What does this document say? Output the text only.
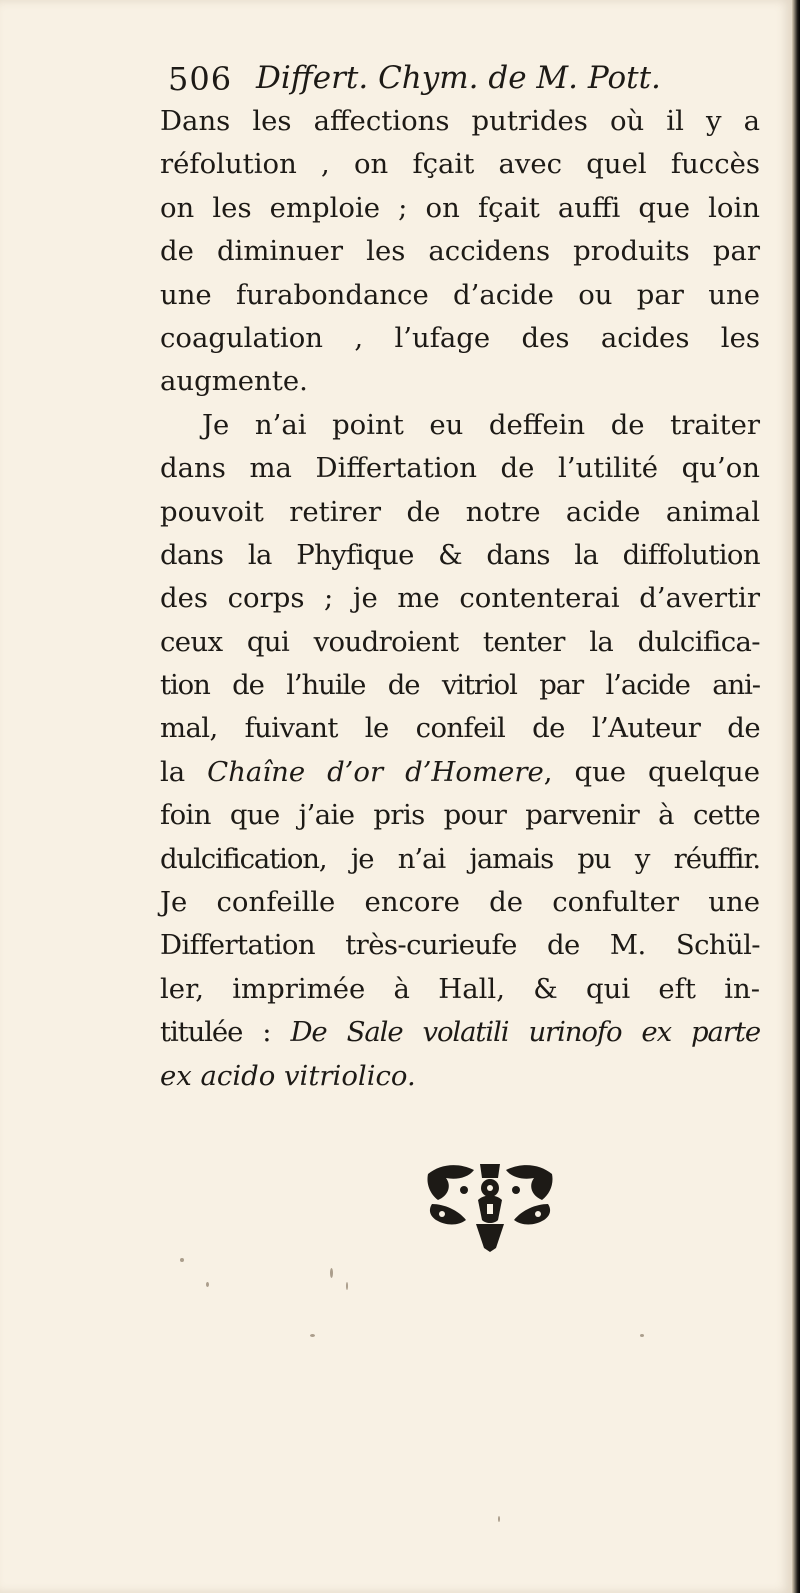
506 Differt. Chym. de M. Pott.
Dans les affections putrides où il y a
réfolution , on fçait avec quel fuccès
on les emploie ; on fçait auffi que loin
de diminuer les accidens produits par
une furabondance d’acide ou par une
coagulation , l’ufage des acides les
augmente.
Je n’ai point eu deffein de traiter
dans ma Differtation de l’utilité qu’on
pouvoit retirer de notre acide animal
dans la Phyfique & dans la diffolution
des corps ; je me contenterai d’avertir
ceux qui voudroient tenter la dulcifica-
tion de l’huile de vitriol par l’acide ani-
mal, fuivant le confeil de l’Auteur de
la Chaîne d’or d’Homere, que quelque
foin que j’aie pris pour parvenir à cette
dulcification, je n’ai jamais pu y réuffir.
Je confeille encore de confulter une
Differtation très-curieufe de M. Schül-
ler, imprimée à Hall, & qui eft in-
titulée : De Sale volatili urinofo ex parte
ex acido vitriolico.
